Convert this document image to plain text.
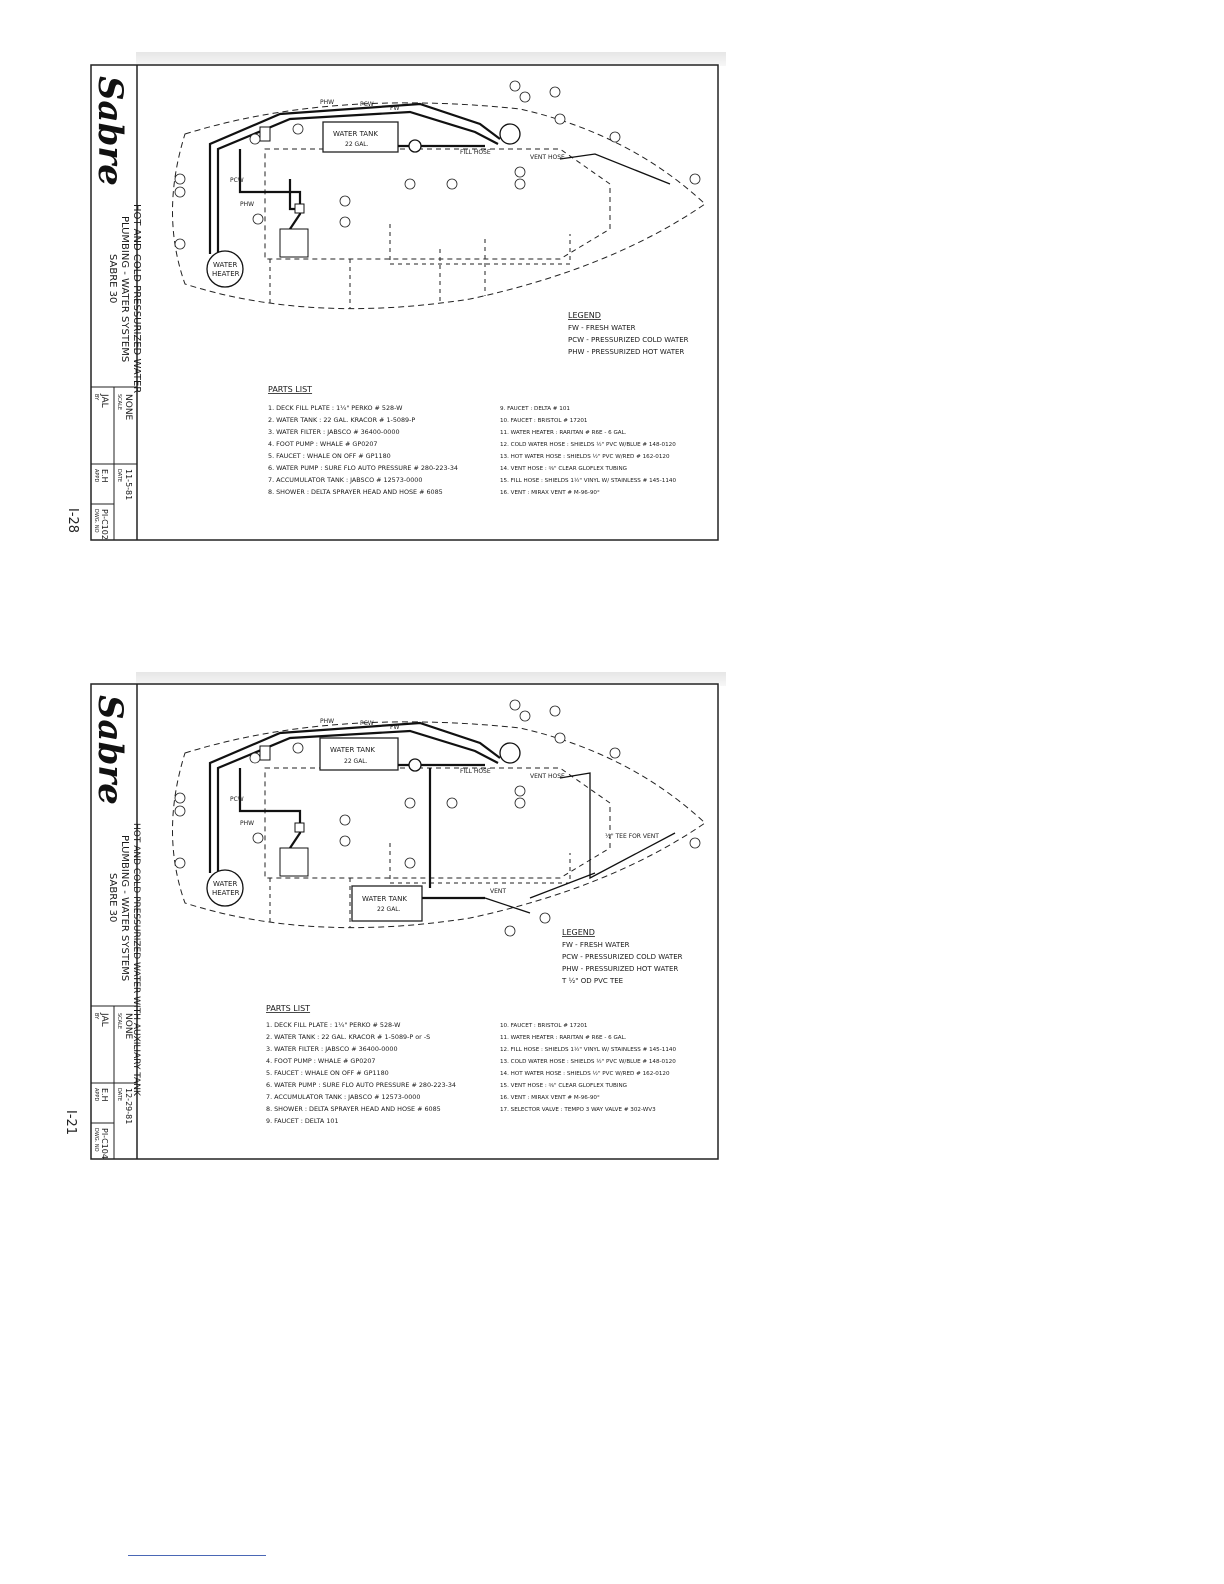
Sabre
SABRE 30 PLUMBING - WATER SYSTEMS HOT AND COLD PRESSURIZED WATER
BY JAL SCALE NONE
APPD E.H DATE 11-5-81
DWG. NO PI-C102
WATER TANK
22 GAL.
WATER
HEATER
PHW	PCW
FW
PCW
PHW
FILL HOSE
VENT HOSE
LEGEND
FW - FRESH WATER
PCW - PRESSURIZED COLD WATER
PHW - PRESSURIZED HOT WATER
PARTS LIST
1. DECK FILL PLATE : 1¼" PERKO # 528-W
2. WATER TANK : 22 GAL. KRACOR # 1-5089-P
3. WATER FILTER : JABSCO # 36400-0000
4. FOOT PUMP : WHALE # GP0207
5. FAUCET : WHALE ON OFF # GP1180
6. WATER PUMP : SURE FLO AUTO PRESSURE # 280-223-34
7. ACCUMULATOR TANK : JABSCO # 12573-0000
8. SHOWER : DELTA SPRAYER HEAD AND HOSE # 6085
9. FAUCET : DELTA # 101
10. FAUCET : BRISTOL # 17201
11. WATER HEATER : RARITAN # R6E - 6 GAL.
12. COLD WATER HOSE : SHIELDS ½" PVC W/BLUE # 148-0120
13. HOT WATER HOSE : SHIELDS ½" PVC W/RED # 162-0120
14. VENT HOSE : ⅜" CLEAR GLOFLEX TUBING
15. FILL HOSE : SHIELDS 1½" VINYL W/ STAINLESS # 145-1140
16. VENT : MIRAX VENT # M-96-90°
I-28
Sabre
SABRE 30 PLUMBING - WATER SYSTEMS HOT AND COLD PRESSURIZED WATER WITH AUXILIARY TANK
BY JAL SCALE NONE
APPD E.H DATE 12-29-81
DWG. NO PI-C104
WATER TANK
22 GAL.
WATER TANK
22 GAL.
WATER
HEATER
PHW	PCW
FW
PCW
PHW
FILL HOSE
VENT HOSE
VENT
½" TEE FOR VENT
LEGEND
FW - FRESH WATER
PCW - PRESSURIZED COLD WATER
PHW - PRESSURIZED HOT WATER
T ½" OD PVC TEE
PARTS LIST
1. DECK FILL PLATE : 1¼" PERKO # 528-W
2. WATER TANK : 22 GAL. KRACOR # 1-5089-P or -S
3. WATER FILTER : JABSCO # 36400-0000
4. FOOT PUMP : WHALE # GP0207
5. FAUCET : WHALE ON OFF # GP1180
6. WATER PUMP : SURE FLO AUTO PRESSURE # 280-223-34
7. ACCUMULATOR TANK : JABSCO # 12573-0000
8. SHOWER : DELTA SPRAYER HEAD AND HOSE # 6085
9. FAUCET : DELTA 101
10. FAUCET : BRISTOL # 17201
11. WATER HEATER : RARITAN # R6E - 6 GAL.
12. FILL HOSE : SHIELDS 1½" VINYL W/ STAINLESS # 145-1140
13. COLD WATER HOSE : SHIELDS ½" PVC W/BLUE # 148-0120
14. HOT WATER HOSE : SHIELDS ½" PVC W/RED # 162-0120
15. VENT HOSE : ⅜" CLEAR GLOFLEX TUBING
16. VENT : MIRAX VENT # M-96-90°
17. SELECTOR VALVE : TEMPO 3 WAY VALVE # 302-WV3
I-21
